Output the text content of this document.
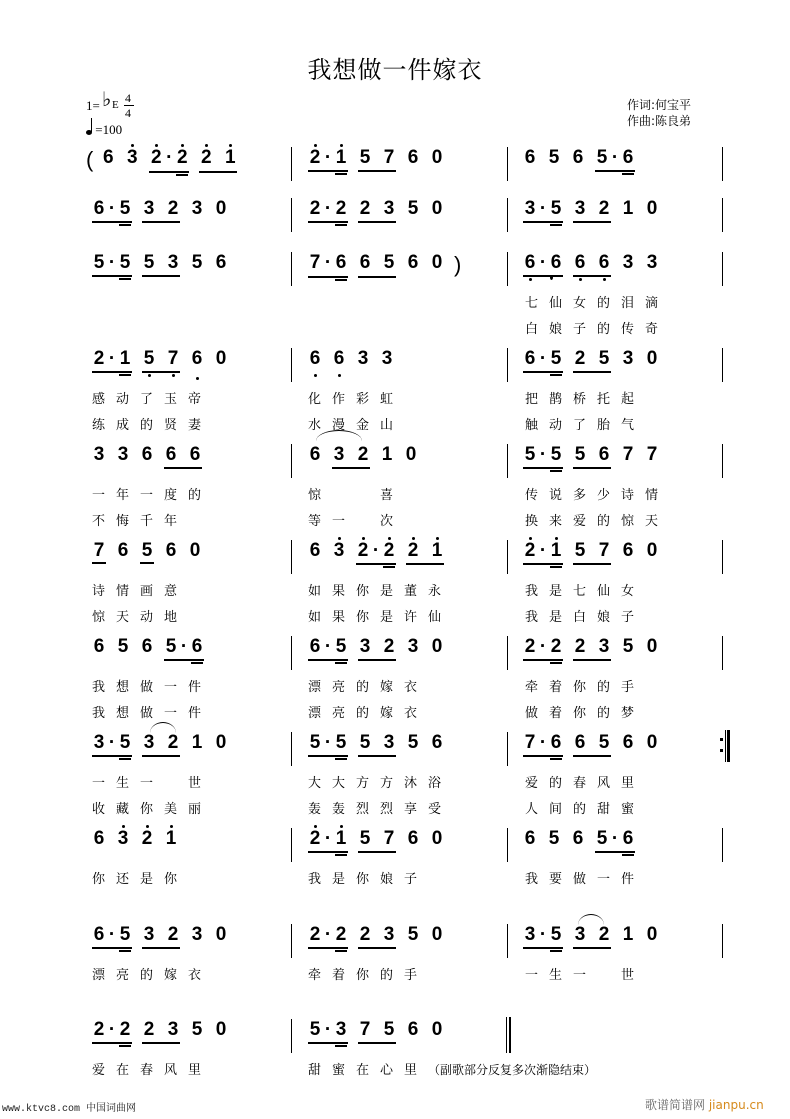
我想做一件嫁衣
1= ♭ E 4
4
=100
作词:何宝平
作曲:陈良弟
( 6 3 2 · 2 2 1	2 · 1 5 7 6 0	6 5 6 5 · 6
6 · 5 3 2 3 0	2 · 2 2 3 5 0	3 · 5 3 2 1 0
5 · 5 5 3 5 6	7 · 6 6 5 6 0 )	6 · 6 6 6 3 3
七 仙 女 的 泪 滴
白 娘 子 的 传 奇
2 · 1 5 7 6 0	6 6 3 3	6 · 5 2 5 3 0
感 动 了 玉 帝
练 成 的 贤 妻
化 作 彩 虹
水 漫 金 山
把 鹊 桥 托 起
触 动 了 胎 气
3 3 6 6 6	6 3 2 1 0	5 · 5 5 6 7 7
一 年 一 度 的
不 悔 千 年
惊	喜
等 一	次
传 说 多 少 诗 情
换 来 爱 的 惊 天
7 6 5 6 0	6 3 2 · 2 2 1	2 · 1 5 7 6 0
诗 情 画 意
惊 天 动 地
如 果 你 是 董 永
如 果 你 是 许 仙
我 是 七 仙 女
我 是 白 娘 子
6 5 6 5 · 6	6 · 5 3 2 3 0	2 · 2 2 3 5 0
我 想 做 一 件
我 想 做 一 件
漂 亮 的 嫁 衣
漂 亮 的 嫁 衣
牵 着 你 的 手
做 着 你 的 梦
3 · 5 3 2 1 0	5 · 5 5 3 5 6	7 · 6 6 5 6 0
一 生 一	世
收 藏 你 美 丽
大 大 方 方 沐 浴
轰 轰 烈 烈 享 受
爱 的 春 风 里
人 间 的 甜 蜜
6 3 2 1	2 · 1 5 7 6 0	6 5 6 5 · 6
你 还 是 你	我 是 你 娘 子	我 要 做 一 件
6 · 5 3 2 3 0	2 · 2 2 3 5 0	3 · 5 3 2 1 0
漂 亮 的 嫁 衣	牵 着 你 的 手	一 生 一	世
2 · 2 2 3 5 0	5 · 3 7 5 6 0
爱 在 春 风 里	甜 蜜 在 心 里 （副歌部分反复多次渐隐结束）
www.ktvc8.com 中国词曲网	歌谱简谱网 jianpu.cn
